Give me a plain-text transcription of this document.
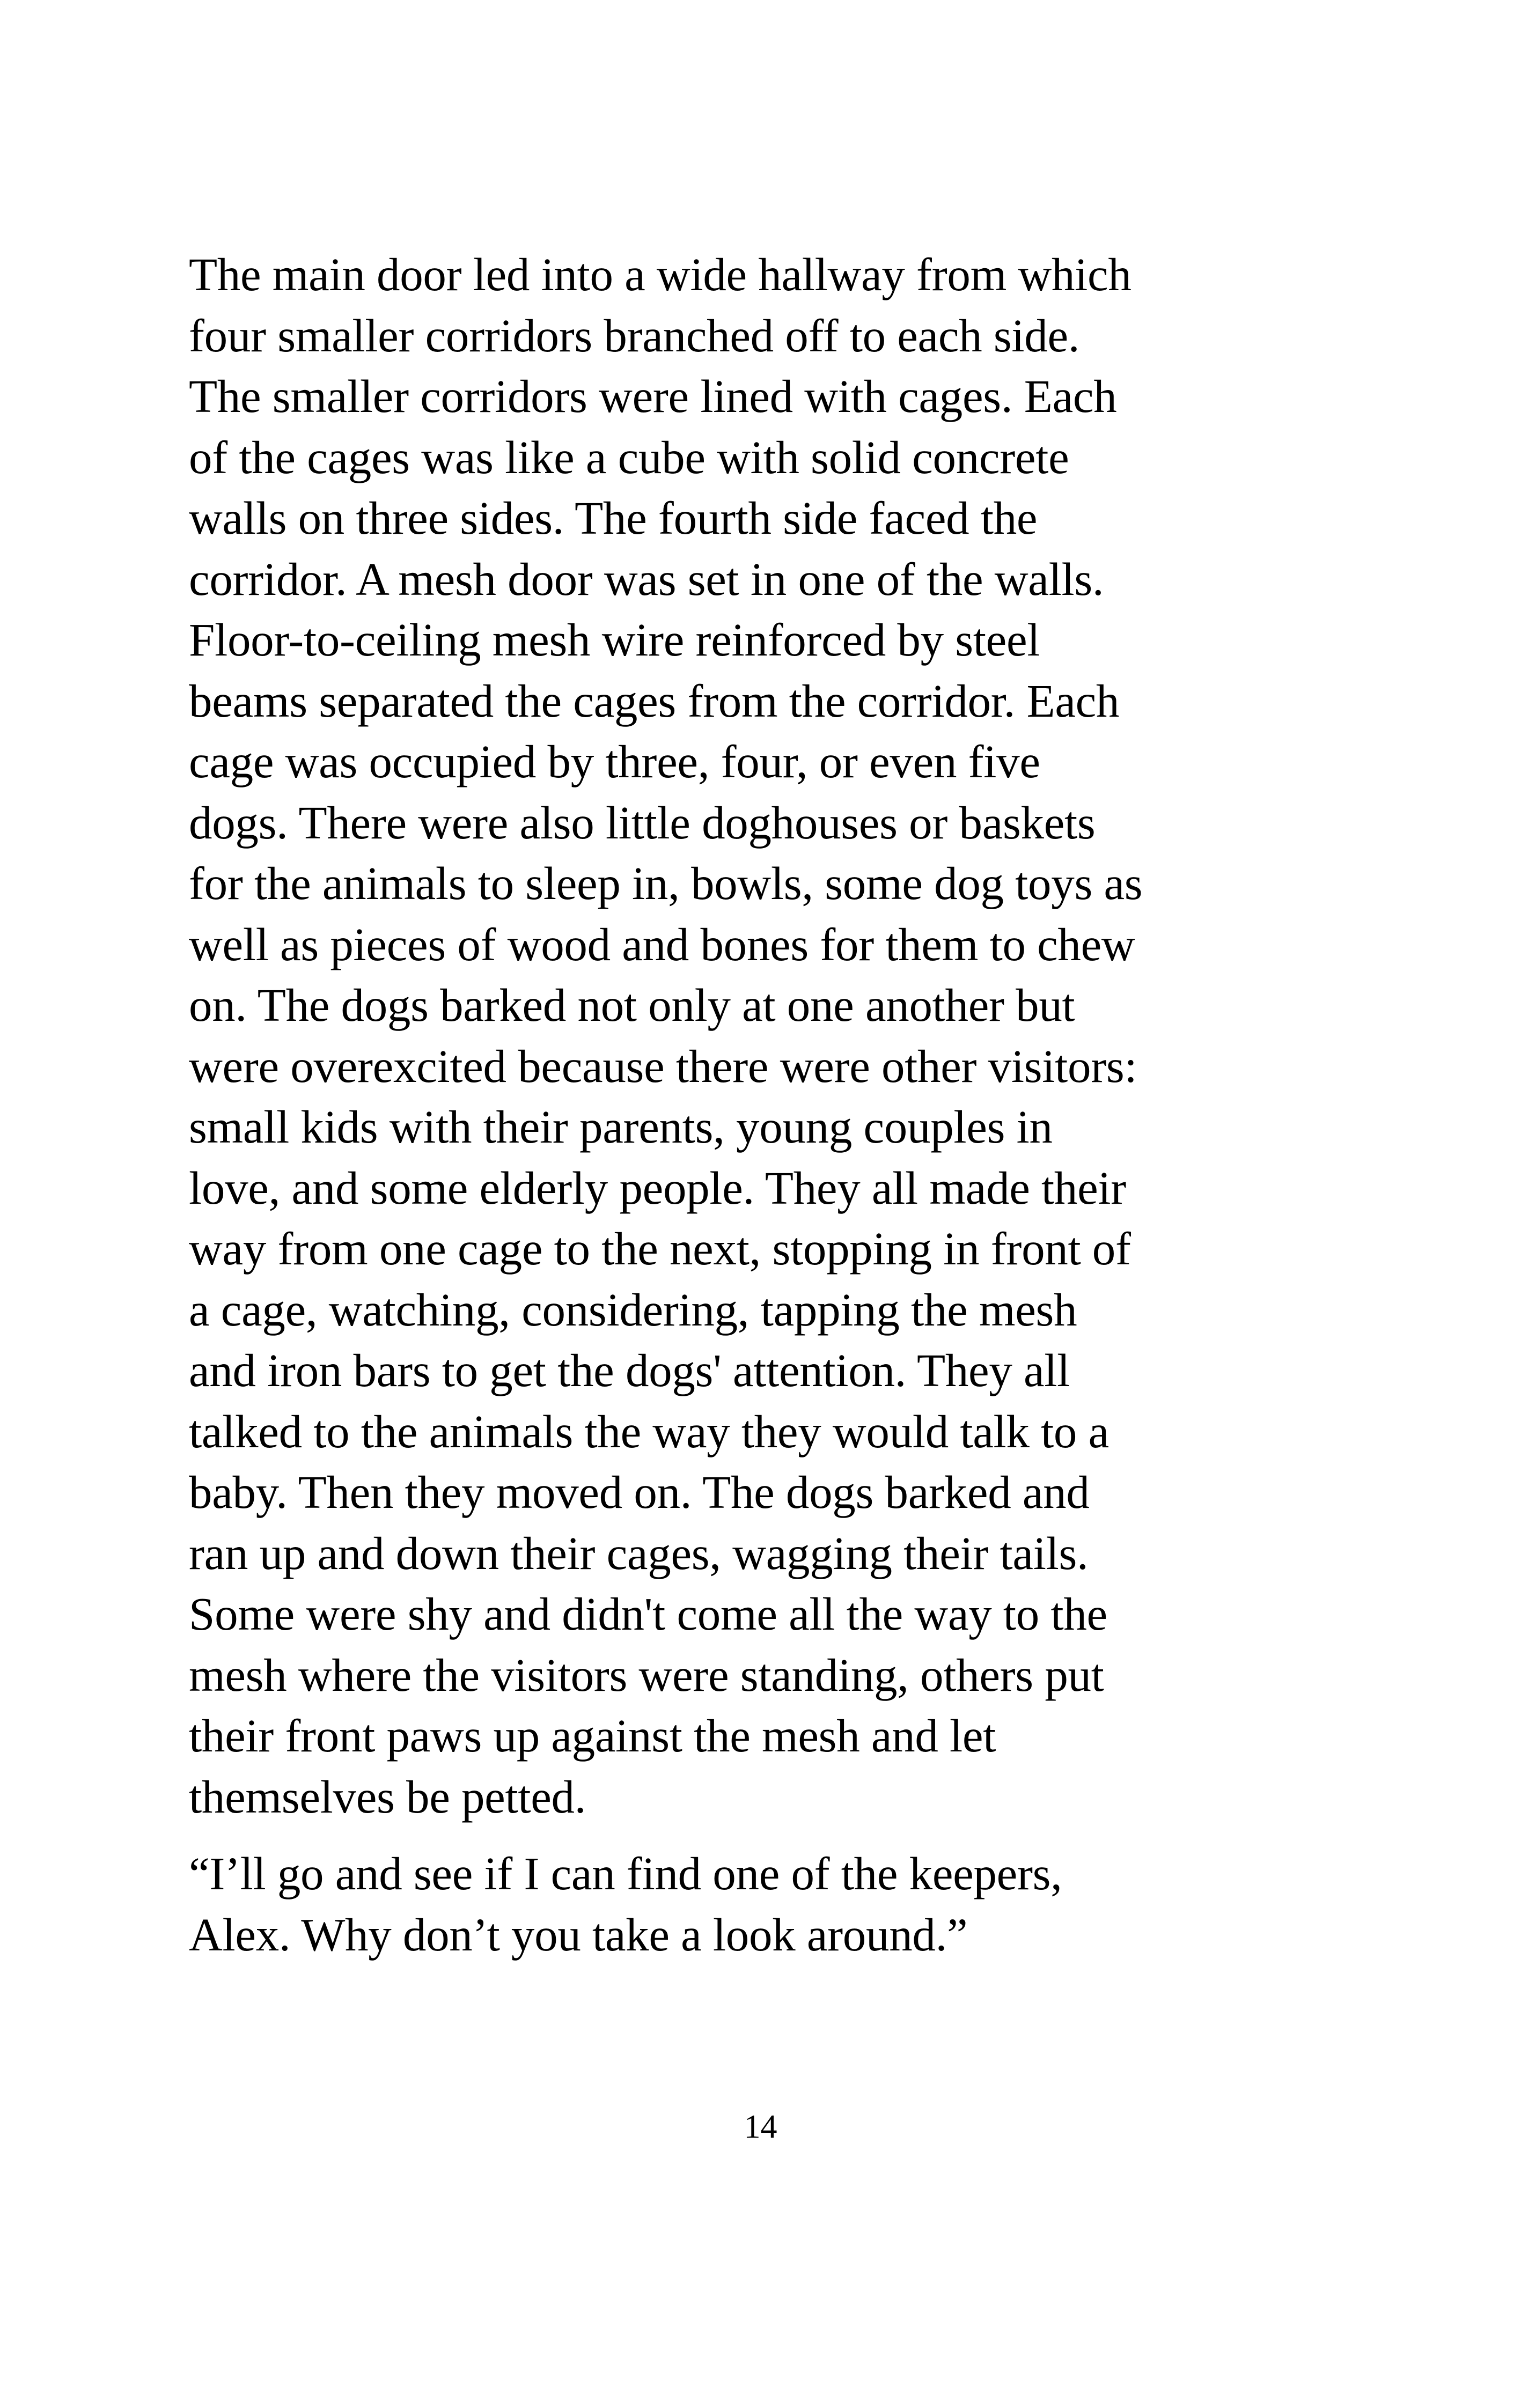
The main door led into a wide hallway from which
four smaller corridors branched off to each side.
The smaller corridors were lined with cages. Each
of the cages was like a cube with solid concrete
walls on three sides. The fourth side faced the
corridor. A mesh door was set in one of the walls.
Floor-to-ceiling mesh wire reinforced by steel
beams separated the cages from the corridor. Each
cage was occupied by three, four, or even five
dogs. There were also little doghouses or baskets
for the animals to sleep in, bowls, some dog toys as
well as pieces of wood and bones for them to chew
on. The dogs barked not only at one another but
were overexcited because there were other visitors:
small kids with their parents, young couples in
love, and some elderly people. They all made their
way from one cage to the next, stopping in front of
a cage, watching, considering, tapping the mesh
and iron bars to get the dogs' attention. They all
talked to the animals the way they would talk to a
baby. Then they moved on. The dogs barked and
ran up and down their cages, wagging their tails.
Some were shy and didn't come all the way to the
mesh where the visitors were standing, others put
their front paws up against the mesh and let
themselves be petted.
“I’ll go and see if I can find one of the keepers,
Alex. Why don’t you take a look around.”
14
